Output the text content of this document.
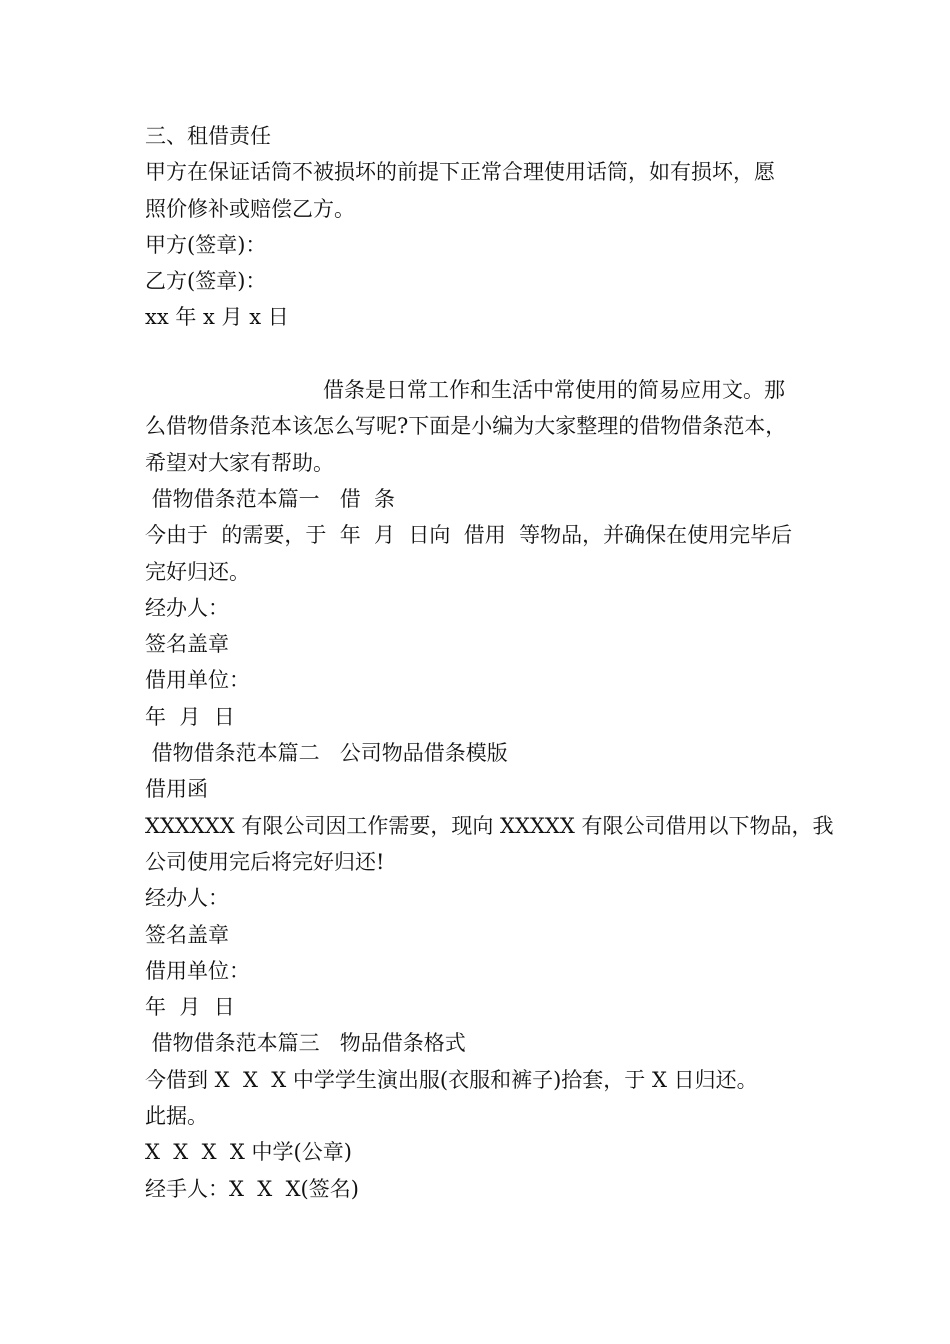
三、租借责任

甲方在保证话筒不被损坏的前提下正常合理使用话筒，如有损坏，愿

照价修补或赔偿乙方。

甲方(签章)：

乙方(签章)：

xx 年 x 月 x 日

借条是日常工作和生活中常使用的简易应用文。那

么借物借条范本该怎么写呢?下面是小编为大家整理的借物借条范本，

希望对大家有帮助。

借物借条范本篇一   借  条

今由于  的需要，于  年  月  日向  借用  等物品，并确保在使用完毕后

完好归还。

经办人：

签名盖章

借用单位：

年  月  日

借物借条范本篇二   公司物品借条模版

借用函

XXXXXX 有限公司因工作需要，现向 XXXXX 有限公司借用以下物品，我

公司使用完后将完好归还!

经办人：

签名盖章

借用单位：

年  月  日

借物借条范本篇三   物品借条格式

今借到 X  X  X 中学学生演出服(衣服和裤子)拾套，于 X 日归还。

此据。

X  X  X  X 中学(公章)

经手人：X  X  X(签名)
